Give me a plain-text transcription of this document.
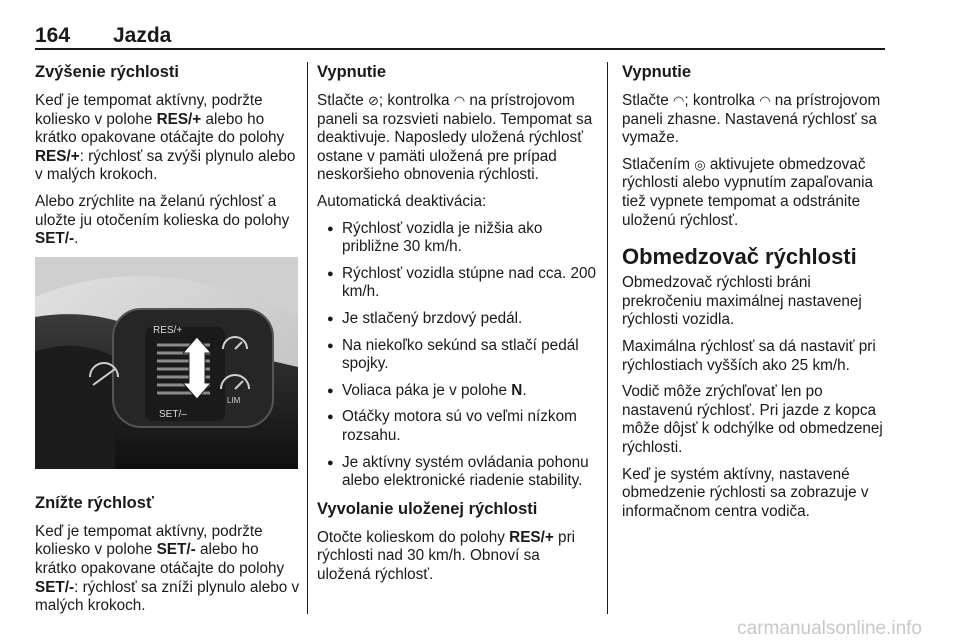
164 Jazda
Zvýšenie rýchlosti

Keď je tempomat aktívny, podržte koliesko v polohe RES/+ alebo ho krátko opakovane otáčajte do polohy RES/+: rýchlosť sa zvýši plynulo alebo v malých krokoch.

Alebo zrýchlite na želanú rýchlosť a uložte ju otočením kolieska do polohy SET/-.

RES/+
SET/–
LIM
Znížte rýchlosť

Keď je tempomat aktívny, podržte koliesko v polohe SET/- alebo ho krátko opakovane otáčajte do polohy SET/-: rýchlosť sa zníži plynulo alebo v malých krokoch.

Vypnutie

Stlačte ⊘; kontrolka ◠ na prístrojovom paneli sa rozsvieti nabielo. Tempomat sa deaktivuje. Naposledy uložená rýchlosť ostane v pamäti uložená pre prípad neskoršieho obnovenia rýchlosti.

Automatická deaktivácia:

● Rýchlosť vozidla je nižšia ako približne 30 km/h.
● Rýchlosť vozidla stúpne nad cca. 200 km/h.
● Je stlačený brzdový pedál.
● Na niekoľko sekúnd sa stlačí pedál spojky.
● Voliaca páka je v polohe N.
● Otáčky motora sú vo veľmi nízkom rozsahu.
● Je aktívny systém ovládania pohonu alebo elektronické riadenie stability.
Vyvolanie uloženej rýchlosti

Otočte kolieskom do polohy RES/+ pri rýchlosti nad 30 km/h. Obnoví sa uložená rýchlosť.

Vypnutie

Stlačte ◠; kontrolka ◠ na prístrojovom paneli zhasne. Nastavená rýchlosť sa vymaže.

Stlačením ◎ aktivujete obmedzovač rýchlosti alebo vypnutím zapaľovania tiež vypnete tempomat a odstránite uloženú rýchlosť.

Obmedzovač rýchlosti

Obmedzovač rýchlosti bráni prekročeniu maximálnej nastavenej rýchlosti vozidla.

Maximálna rýchlosť sa dá nastaviť pri rýchlostiach vyšších ako 25 km/h.

Vodič môže zrýchľovať len po nastavenú rýchlosť. Pri jazde z kopca môže dôjsť k odchýlke od obmedzenej rýchlosti.

Keď je systém aktívny, nastavené obmedzenie rýchlosti sa zobrazuje v informačnom centra vodiča.

carmanualsonline.info
